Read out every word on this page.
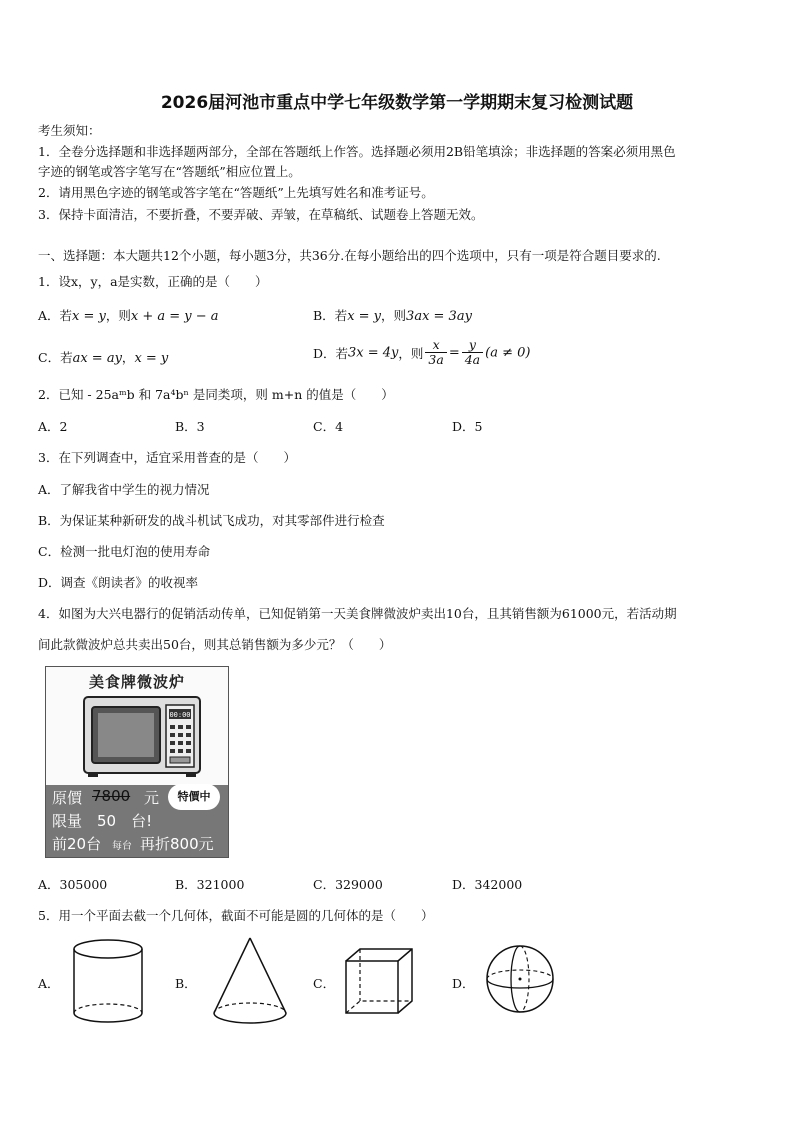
2026届河池市重点中学七年级数学第一学期期末复习检测试题
考生须知：
1．全卷分选择题和非选择题两部分，全部在答题纸上作答。选择题必须用2B铅笔填涂；非选择题的答案必须用黑色
字迹的钢笔或答字笔写在“答题纸”相应位置上。
2．请用黑色字迹的钢笔或答字笔在“答题纸”上先填写姓名和准考证号。
3．保持卡面清洁，不要折叠，不要弄破、弄皱，在草稿纸、试题卷上答题无效。
一、选择题：本大题共12个小题，每小题3分，共36分.在每小题给出的四个选项中，只有一项是符合题目要求的.
1．设x，y，a是实数，正确的是（　　）
A．若x = y，则x + a = y − a	B．若x = y，则3ax = 3ay
C．若ax = ay，x = y	D．若3x = 4y，则 $\frac{x}{3a} = \frac{y}{4a} (a \ne 0)$
2．已知 - 25aᵐb 和 7a⁴bⁿ 是同类项，则 m+n 的值是（　　）
A．2	B．3	C．4	D．5
3．在下列调查中，适宜采用普查的是（　　）
A．了解我省中学生的视力情况
B．为保证某种新研发的战斗机试飞成功，对其零部件进行检查
C．检测一批电灯泡的使用寿命
D．调查《朗读者》的收视率
4．如图为大兴电器行的促销活动传单，已知促销第一天美食牌微波炉卖出10台，且其销售额为61000元，若活动期
间此款微波炉总共卖出50台，则其总销售额为多少元？（　　）
美食牌微波炉
00:00
原價 7800 元	特價中
限量　50　台!
前20台 每台 再折800元
A．305000	B．321000	C．329000	D．342000
5．用一个平面去截一个几何体，截面不可能是圆的几何体的是（　　）
A．	B．	C．	D．
